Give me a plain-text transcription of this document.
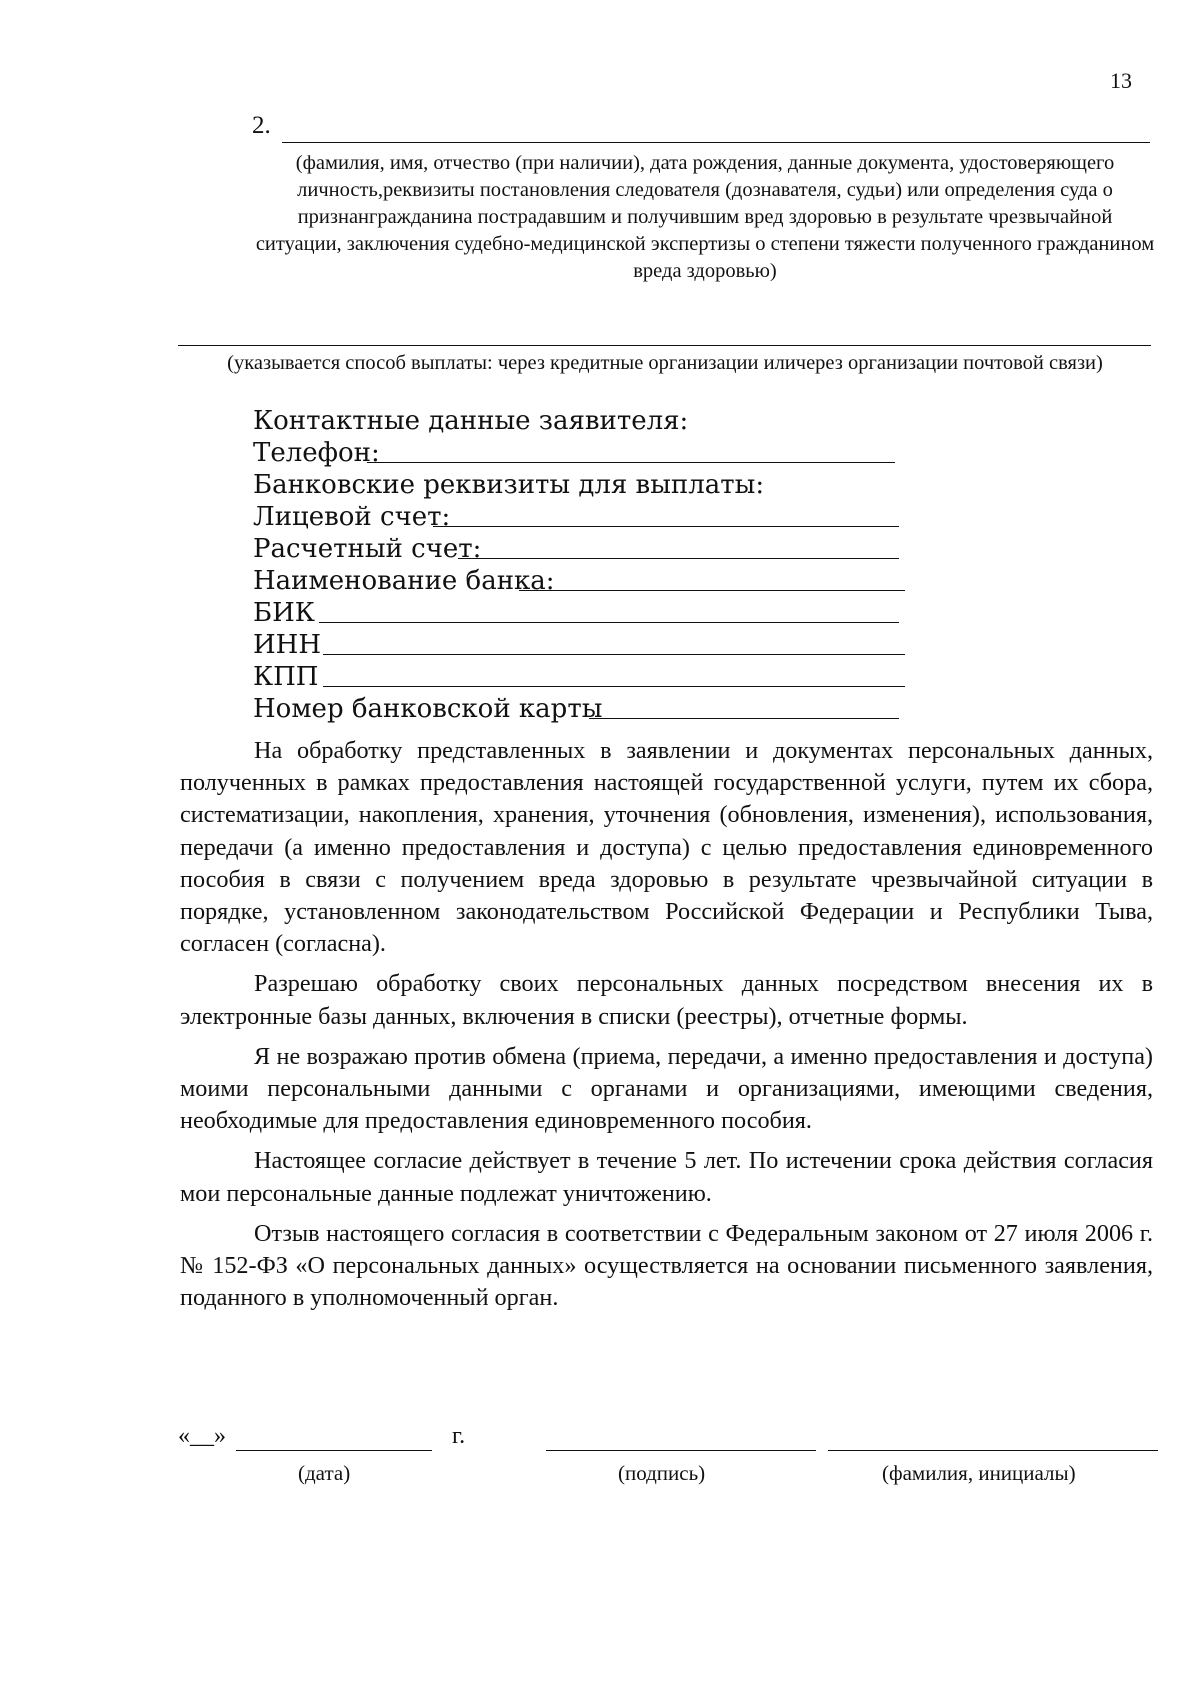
13
2.
(фамилия, имя, отчество (при наличии), дата рождения, данные документа, удостоверяющего личность,реквизиты постановления следователя (дознавателя, судьи) или определения суда о признангражданина пострадавшим и получившим вред здоровью в результате чрезвычайной ситуации, заключения судебно-медицинской экспертизы о степени тяжести полученного гражданином вреда здоровью)
(указывается способ выплаты: через кредитные организации иличерез организации почтовой связи)
Контактные данные заявителя:
Телефон:
Банковские реквизиты для выплаты:
Лицевой счет:
Расчетный счет:
Наименование банка:
БИК
ИНН
КПП
Номер банковской карты

На обработку представленных в заявлении и документах персональных данных, полученных в рамках предоставления настоящей государственной услуги, путем их сбора, систематизации, накопления, хранения, уточнения (обновления, изменения), использования, передачи (а именно предоставления и доступа) с целью предоставления единовременного пособия в связи с получением вреда здоровью в результате чрезвычайной ситуации в порядке, установленном законодательством Российской Федерации и Республики Тыва, согласен (согласна).

Разрешаю обработку своих персональных данных посредством внесения их в электронные базы данных, включения в списки (реестры), отчетные формы.

Я не возражаю против обмена (приема, передачи, а именно предоставления и доступа) моими персональными данными с органами и организациями, имеющими сведения, необходимые для предоставления единовременного пособия.

Настоящее согласие действует в течение 5 лет. По истечении срока действия согласия мои персональные данные подлежат уничтожению.

Отзыв настоящего согласия в соответствии с Федеральным законом от 27 июля 2006 г. № 152-ФЗ «О персональных данных» осуществляется на основании письменного заявления, поданного в уполномоченный орган.

«__»	г.
(дата)	(подпись)	(фамилия, инициалы)
